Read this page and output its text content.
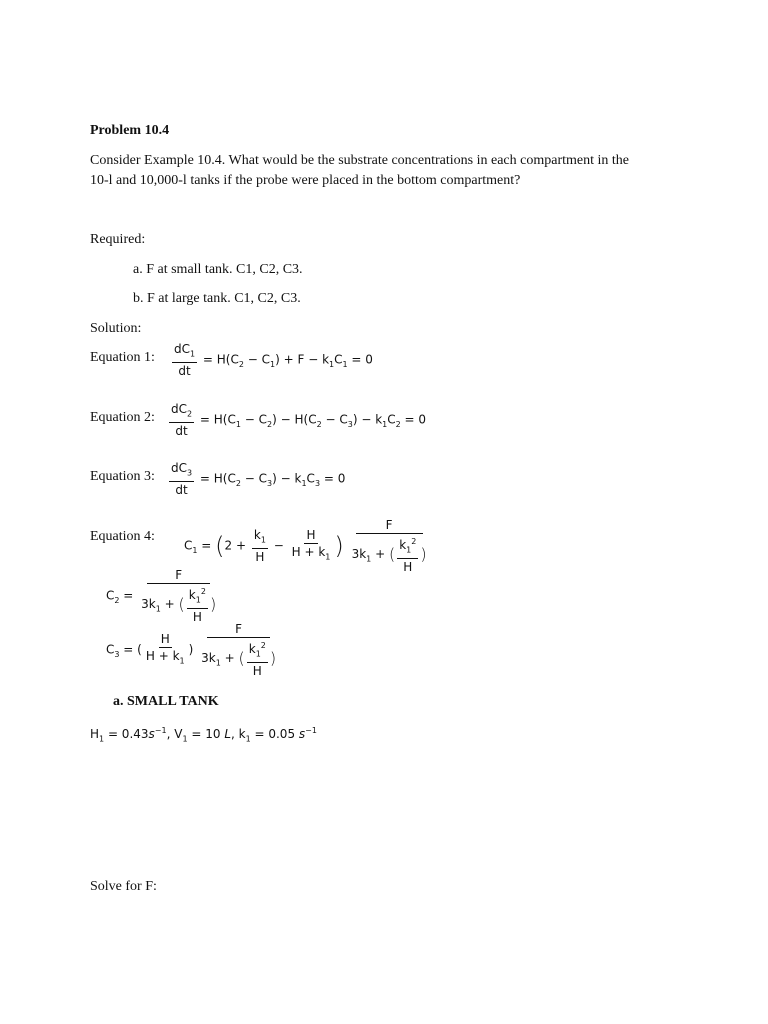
Problem 10.4
Consider Example 10.4. What would be the substrate concentrations in each compartment in the
10-l and 10,000-l tanks if the probe were placed in the bottom compartment?
Required:
a. F at small tank. C1, C2, C3.
b. F at large tank. C1, C2, C3.
Solution:
Equation 1: $\frac{dC_1}{dt} = H(C_2 - C_1) + F - k_1C_1 = 0$
Equation 2: $\frac{dC_2}{dt} = H(C_1 - C_2) - H(C_2 - C_3) - k_1C_2 = 0$
Equation 3: $\frac{dC_3}{dt} = H(C_2 - C_3) - k_1C_3 = 0$
Equation 4:
$C_1 = (2 + \frac{k_1}{H} - \frac{H}{H + k_1}$ ) $\frac{F}{3k_1 + ( \frac{k_1^2}{H} )}$
$C_2 = \frac{F}{3k_1 + ( \frac{k_1^2}{H} )}$
$C_3$ = ( $\frac{H}{H + k_1}$ ) $\frac{F}{3k_1 + ( \frac{k_1^2}{H} )}$
a. SMALL TANK
$H_1 = 0.43s^{-1}$, $V_1 = 10$ L, $k_1 = 0.05$ $s^{-1}$
Solve for F:
